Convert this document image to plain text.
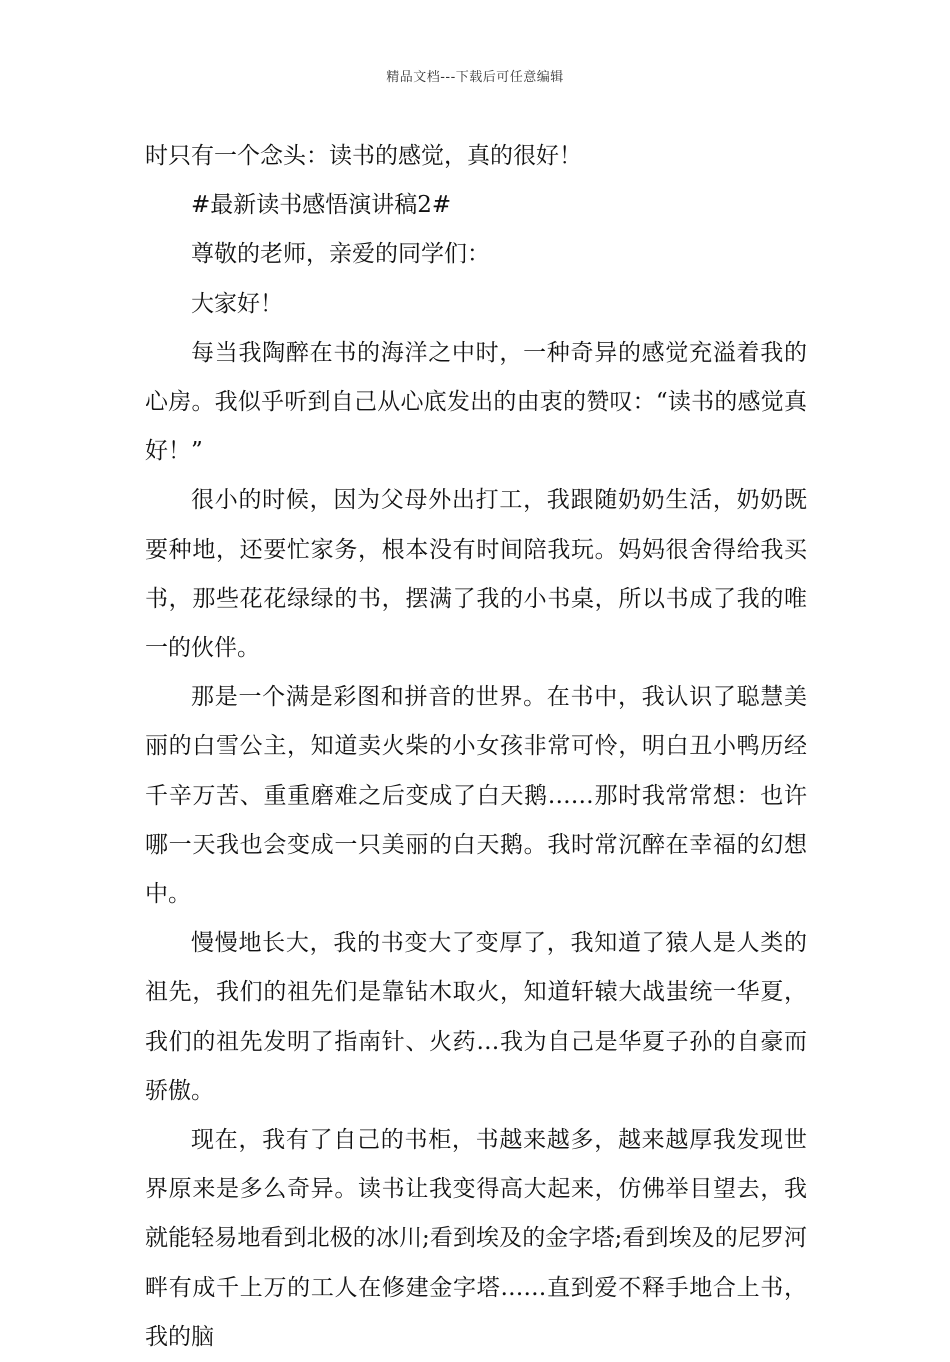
精品文档---下载后可任意编辑

时只有一个念头：读书的感觉，真的很好！

#最新读书感悟演讲稿2#

尊敬的老师，亲爱的同学们：

大家好！

每当我陶醉在书的海洋之中时，一种奇异的感觉充溢着我的心房。我似乎听到自己从心底发出的由衷的赞叹：“读书的感觉真好！”

很小的时候，因为父母外出打工，我跟随奶奶生活，奶奶既要种地，还要忙家务，根本没有时间陪我玩。妈妈很舍得给我买书，那些花花绿绿的书，摆满了我的小书桌，所以书成了我的唯一的伙伴。

那是一个满是彩图和拼音的世界。在书中，我认识了聪慧美丽的白雪公主，知道卖火柴的小女孩非常可怜，明白丑小鸭历经千辛万苦、重重磨难之后变成了白天鹅……那时我常常想：也许哪一天我也会变成一只美丽的白天鹅。我时常沉醉在幸福的幻想中。

慢慢地长大，我的书变大了变厚了，我知道了猿人是人类的祖先，我们的祖先们是靠钻木取火，知道轩辕大战蚩统一华夏，我们的祖先发明了指南针、火药…我为自己是华夏子孙的自豪而骄傲。

现在，我有了自己的书柜，书越来越多，越来越厚我发现世界原来是多么奇异。读书让我变得高大起来，仿佛举目望去，我就能轻易地看到北极的冰川;看到埃及的金字塔;看到埃及的尼罗河畔有成千上万的工人在修建金字塔……直到爱不释手地合上书，我的脑
